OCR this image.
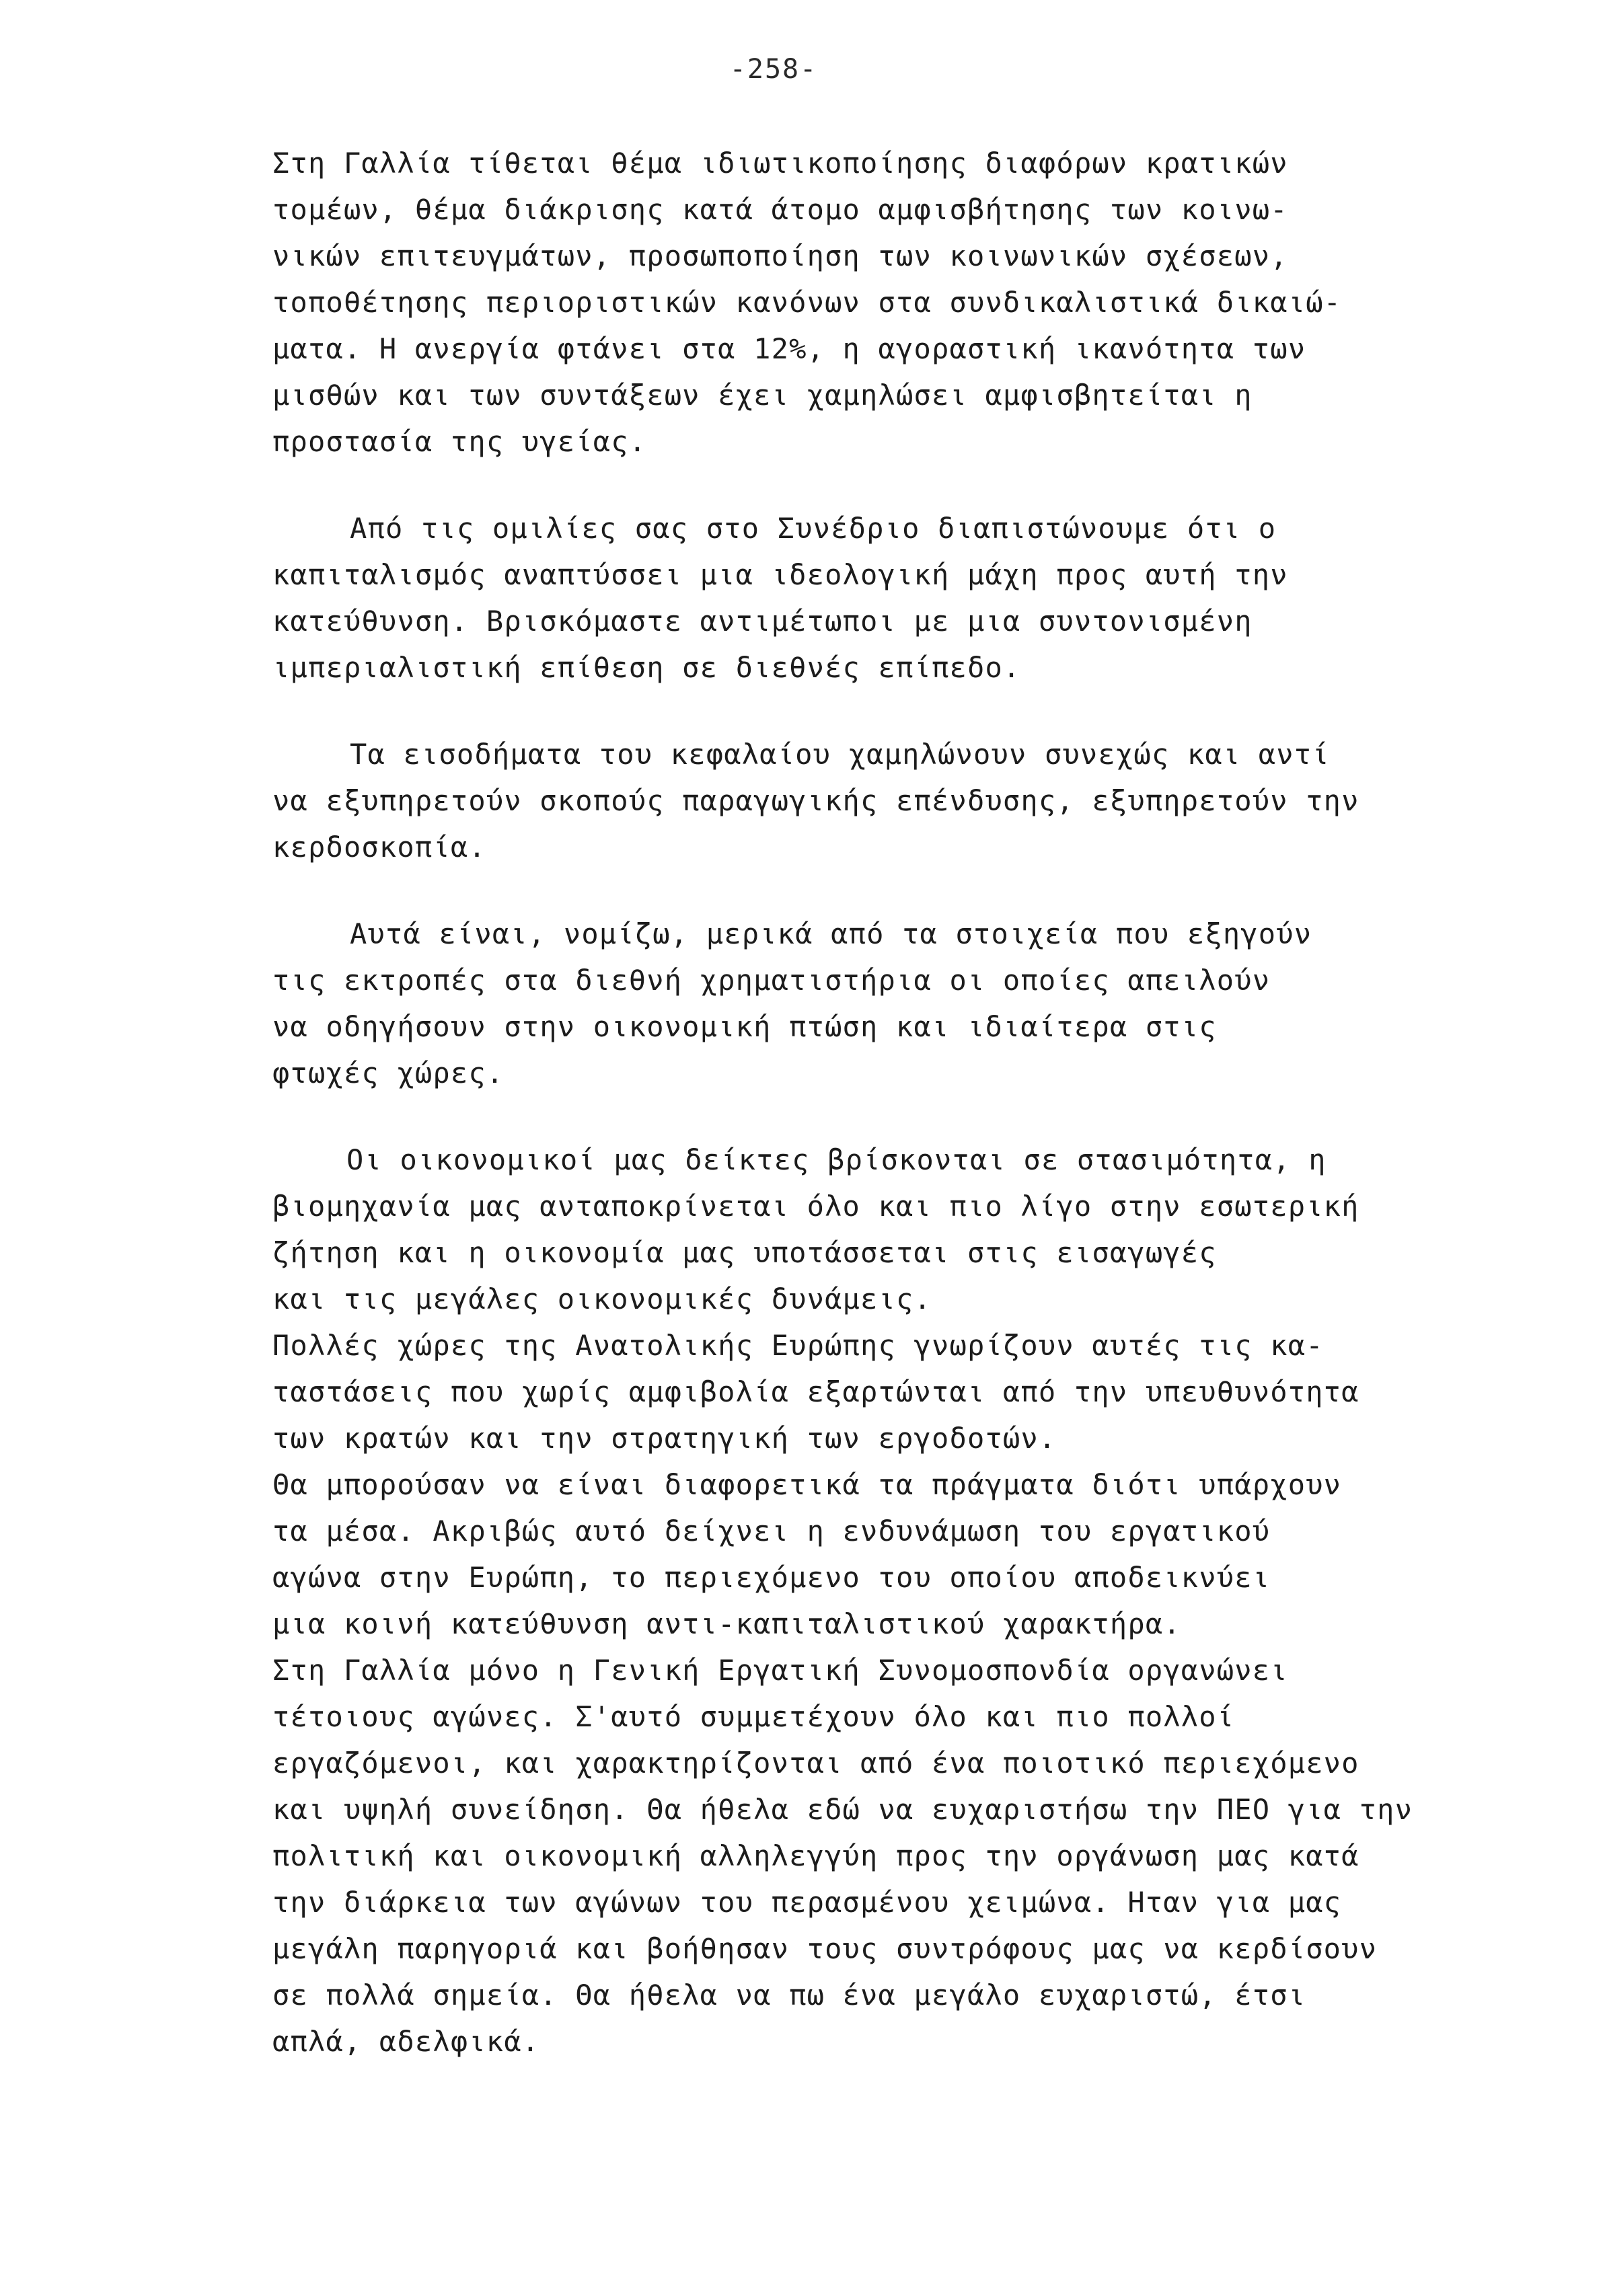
-258-
Στη Γαλλία τίθεται θέμα ιδιωτικοποίησης διαφόρων κρατικών
τομέων, θέμα διάκρισης κατά άτομο αμφισβήτησης των κοινω-
νικών επιτευγμάτων, προσωποποίηση των κοινωνικών σχέσεων,
τοποθέτησης περιοριστικών κανόνων στα συνδικαλιστικά δικαιώ-
ματα. Η ανεργία φτάνει στα 12%, η αγοραστική ικανότητα των
μισθών και των συντάξεων έχει χαμηλώσει αμφισβητείται η
προστασία της υγείας.
Από τις ομιλίες σας στο Συνέδριο διαπιστώνουμε ότι ο
καπιταλισμός αναπτύσσει μια ιδεολογική μάχη προς αυτή την
κατεύθυνση. Βρισκόμαστε αντιμέτωποι με μια συντονισμένη
ιμπεριαλιστική επίθεση σε διεθνές επίπεδο.
Τα εισοδήματα του κεφαλαίου χαμηλώνουν συνεχώς και αντί
να εξυπηρετούν σκοπούς παραγωγικής επένδυσης, εξυπηρετούν την
κερδοσκοπία.
Αυτά είναι, νομίζω, μερικά από τα στοιχεία που εξηγούν
τις εκτροπές στα διεθνή χρηματιστήρια οι οποίες απειλούν
να οδηγήσουν στην οικονομική πτώση και ιδιαίτερα στις
φτωχές χώρες.
Οι οικονομικοί μας δείκτες βρίσκονται σε στασιμότητα, η
βιομηχανία μας ανταποκρίνεται όλο και πιο λίγο στην εσωτερική
ζήτηση και η οικονομία μας υποτάσσεται στις εισαγωγές
και τις μεγάλες οικονομικές δυνάμεις.
Πολλές χώρες της Ανατολικής Ευρώπης γνωρίζουν αυτές τις κα-
ταστάσεις που χωρίς αμφιβολία εξαρτώνται από την υπευθυνότητα
των κρατών και την στρατηγική των εργοδοτών.
Θα μπορούσαν να είναι διαφορετικά τα πράγματα διότι υπάρχουν
τα μέσα. Ακριβώς αυτό δείχνει η ενδυνάμωση του εργατικού
αγώνα στην Ευρώπη, το περιεχόμενο του οποίου αποδεικνύει
μια κοινή κατεύθυνση αντι-καπιταλιστικού χαρακτήρα.
Στη Γαλλία μόνο η Γενική Εργατική Συνομοσπονδία οργανώνει
τέτοιους αγώνες. Σ'αυτό συμμετέχουν όλο και πιο πολλοί
εργαζόμενοι, και χαρακτηρίζονται από ένα ποιοτικό περιεχόμενο
και υψηλή συνείδηση. Θα ήθελα εδώ να ευχαριστήσω την ΠΕΟ για την
πολιτική και οικονομική αλληλεγγύη προς την οργάνωση μας κατά
την διάρκεια των αγώνων του περασμένου χειμώνα. Ηταν για μας
μεγάλη παρηγοριά και βοήθησαν τους συντρόφους μας να κερδίσουν
σε πολλά σημεία. Θα ήθελα να πω ένα μεγάλο ευχαριστώ, έτσι
απλά, αδελφικά.
